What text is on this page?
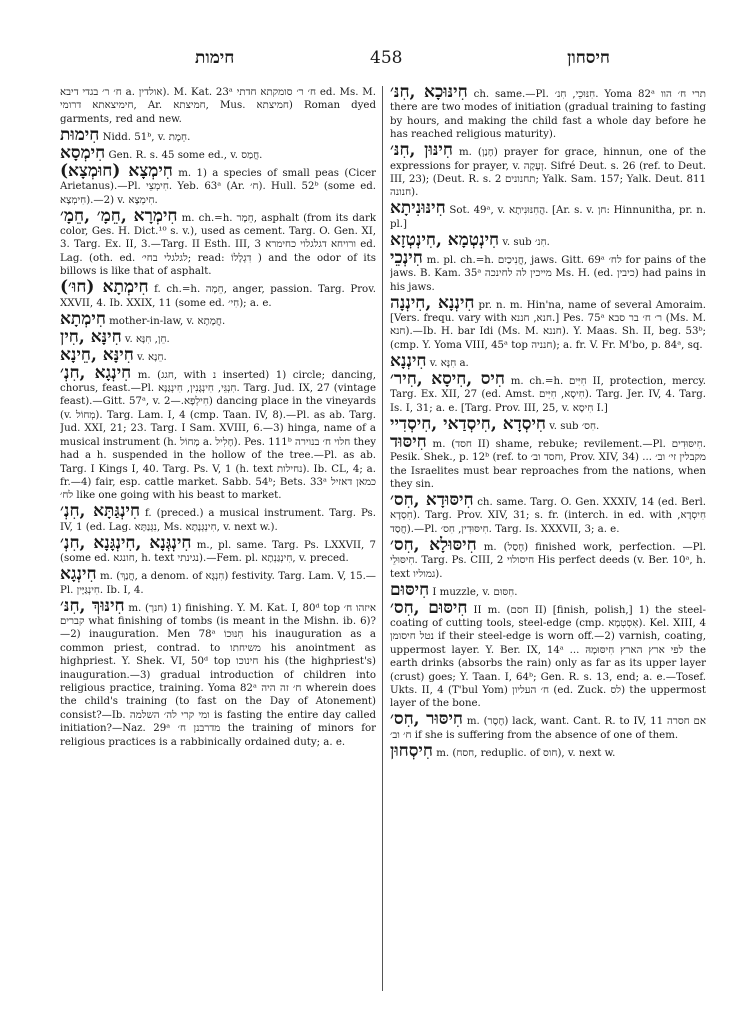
חימות	458	חיסחון

ח׳ ר׳ בגדי דיבא a. אולדין). M. Kat. 23ᵃ ח׳ ר׳ סומקתא חדתי ed. Ms. M. חימיצאתא דרומי, Ar. חמיצתא, Mus. חמיצתא) Roman dyed garments, red and new.

חִימוּת Nidd. 51ᵇ, v. חֵמֶת.

חִימְסָא Gen. R. s. 45 some ed., v. חֲמַס.

חִימְצָא (חוּמְצָא) m. 1) a species of small peas (Cicer Arietanus).—Pl. חִימְצֵי. Yeb. 63ᵃ (Ar. ח׳). Hull. 52ᵇ (some ed. חִימְצָא).—2) v. חִימְצָא.

חִימְרָא ,חֵמָ׳ ,חֵמָ׳ m. ch.=h. חֵמָר, asphalt (from its dark color, Ges. H. Dict.¹⁰ s. v.), used as cement. Targ. O. Gen. XI, 3. Targ. Ex. II, 3.—Targ. II Esth. III, 3 ורויחא דגלגלוי כחימרא ed. Lag. (oth. ed. לגלגלי בחי׳; read: דִגְלָלוֹ ) and the odor of its billows is like that of asphalt.

חִימְתָא (חוּ׳) f. ch.=h. חֵמָה, anger, passion. Targ. Prov. XXVII, 4. Ib. XXIX, 11 (some ed. חִי׳); a. e.

חִימְתָא mother-in-law, v. חֲמָתָא.

חִינָּא ,חִין v. חֵן, חִנָּא.

חִינָּא ,חֵינָא v. חֵנָא.

חִינְגָא ,חִנְ׳ m. (חגג, with נ inserted) 1) circle; dancing, chorus, feast.—Pl. חִנְגֵּי, חִינְגָּנִין, חִינְגַּנָּא. Targ. Jud. IX, 27 (vintage feast).—Gitt. 57ᵃ, v. חִילְפָא.—2) dancing place in the vineyards (v. מְחוֹל). Targ. Lam. I, 4 (cmp. Taan. IV, 8).—Pl. as ab. Targ. Jud. XXI, 21; 23. Targ. I Sam. XVIII, 6.—3) hinga, name of a musical instrument (h. מָחוֹל a. חָלִיל). Pes. 111ᵇ חלוי ח׳ בנוירה they had a h. suspended in the hollow of the tree.—Pl. as ab. Targ. I Kings I, 40. Targ. Ps. V, 1 (h. text נחילות). Ib. CL, 4; a. fr.—4) fair, esp. cattle market. Sabb. 54ᵇ; Bets. 33ᵃ כמאן דאזיל לח׳ like one going with his beast to market.

חִינְגַּתָּא ,חִנְ׳ f. (preced.) a musical instrument. Targ. Ps. IV, 1 (ed. Lag. נִגְּנַתָּא, Ms. חִינְגְּנָתָא, v. next w.).

חִינְגְּנָא ,חִינְגָּנָא ,חִנְ׳ m., pl. same. Targ. Ps. LXXVII, 7 (some ed. חונגא, h. text נגינתי).—Fem. pl. חִינְגַּנְתָא, v. preced.

חִינְגָא m. (חֲנַךְ, a denom. of חִנְגָּא) festivity. Targ. Lam. V, 15.—Pl. חִינְגַּיָּין. Ib. I, 4.

חִינּוּךְ ,חִנּ׳ m. (חנך) 1) finishing. Y. M. Kat. I, 80ᵈ top איזהו ח׳ קברים what finishing of tombs (is meant in the Mishn. ib. 6)?—2) inauguration. Men 78ᵃ חִנּוּכוֹ his inauguration as a common priest, contrad. to משיחתו his anointment as highpriest. Y. Shek. VI, 50ᵈ top חינוכו his (the highpriest's) inauguration.—3) gradual introduction of children into religious practice, training. Yoma 82ᵃ ח׳ זה היה wherein does the child's training (to fast on the Day of Atonement) consist?—Ib. ומי קרי לה׳ השלמה is fasting the entire day called initiation?—Naz. 29ᵃ מדרבנן ח׳ the training of minors for religious practices is a rabbinically ordained duty; a. e.

חִינּוּכָא ,חִנּ׳ ch. same.—Pl. חִנּוּכֵי, חִנ׳. Yoma 82ᵃ תרי ח׳ הוו there are two modes of initiation (gradual training to fasting by hours, and making the child fast a whole day before he has reached religious maturity).

חִינּוּן ,חִנּ׳ m. (חָנַן) prayer for grace, hinnun, one of the expressions for prayer, v. זְעָקָה. Sifré Deut. s. 26 (ref. to Deut. III, 23); (Deut. R. s. 2 תחנונים; Yalk. Sam. 157; Yalk. Deut. 811 חנונה).

חִינּוּנִיתָא Sot. 49ᵃ, v. הֲחִנּוּנִיתָא. [Ar. s. v. חן: Hinnunitha, pr. n. pl.]

חִינְטְמָא ,חִינְטְזָא v. sub חִנ׳.

חִינְכֵי m. pl. ch.=h. חֲנִיכַיִם, jaws. Gitt. 69ᵃ לח׳ for pains of the jaws. B. Kam. 35ᵃ מייכין לה לחינכה Ms. H. (ed. כיבין) had pains in his jaws.

חִינְנָא ,חִינְנָה pr. n. m. Hin'na, name of several Amoraim. [Vers. frequ. vary with חנא, חננא.] Pes. 75ᵃ ר׳ ח׳ בר סבא (Ms. M. חנא).—Ib. H. bar Idi (Ms. M. חננא). Y. Maas. Sh. II, beg. 53ᵇ; (cmp. Y. Yoma VIII, 45ᵃ top חנניה); a. fr. V. Fr. M'bo, p. 84ᵃ, sq.

חִינְנָא v. חִנָּא a.

חִיס ,חִיסָא ,חִיר׳ m. ch.=h. חִיִּים II, protection, mercy. Targ. Ex. XII, 27 (ed. Amst. חִיסָא, חִיִּים). Targ. Jer. IV, 4. Targ. Is. I, 31; a. e. [Targ. Prov. III, 25, v. חִיסָא I.]

חִיסְדָא ,חִיסְדַאי ,חִיסְדִיי v. sub חִס׳.

חִיסּוּד m. (חסד II) shame, rebuke; revilement.—Pl. חִיסּוּדִים. Pesik. Shek., p. 12ᵇ (ref. to וחסד וב׳, Prov. XIV, 34) ... מקבלין זי׳ וב׳ the Israelites must bear reproaches from the nations, when they sin.

חִיסּוּדָא ,חִס׳ ch. same. Targ. O. Gen. XXXIV, 14 (ed. Berl. חִסְדָא). Targ. Prov. XIV, 31; s. fr. (interch. in ed. with חִיסְדָא, חֲסַד).—Pl. חִיסּוּדִין, חִס׳. Targ. Is. XXXVII, 3; a. e.

חִיסּוּלָא ,חִס׳ m. (חָסַל) finished work, perfection. —Pl. חִיסּוּלֵי. Targ. Ps. CIII, 2 חיסולוי His perfect deeds (v. Ber. 10ᵃ, h. text גמוליו).

חִיסּוּם I muzzle, v. חִסּוּם.

חִיסּוּם ,חִס׳ II m. (חסם II) [finish, polish,] 1) the steel-coating of cutting tools, steel-edge (cmp. אִסְטְמָא). Kel. XIII, 4 נטל חיסומן if their steel-edge is worn off.—2) varnish, coating, uppermost layer. Y. Ber. IX, 14ᵃ ... לפי ארץ הארץ חִיסּוּמָהּ the earth drinks (absorbs the rain) only as far as its upper layer (crust) goes; Y. Taan. I, 64ᵇ; Gen. R. s. 13, end; a. e.—Tosef. Ukts. II, 4 (T'bul Yom) ח׳ העליון (ed. Zuck. לס) the uppermost layer of the bone.

חִיסּוּר ,חִס׳ m. (חֶסֶר) lack, want. Cant. R. to IV, 11 אם חסרה ח׳ וב׳ if she is suffering from the absence of one of them.

חִיסְחוּן m. (חסח, reduplic. of חוס), v. next w.
